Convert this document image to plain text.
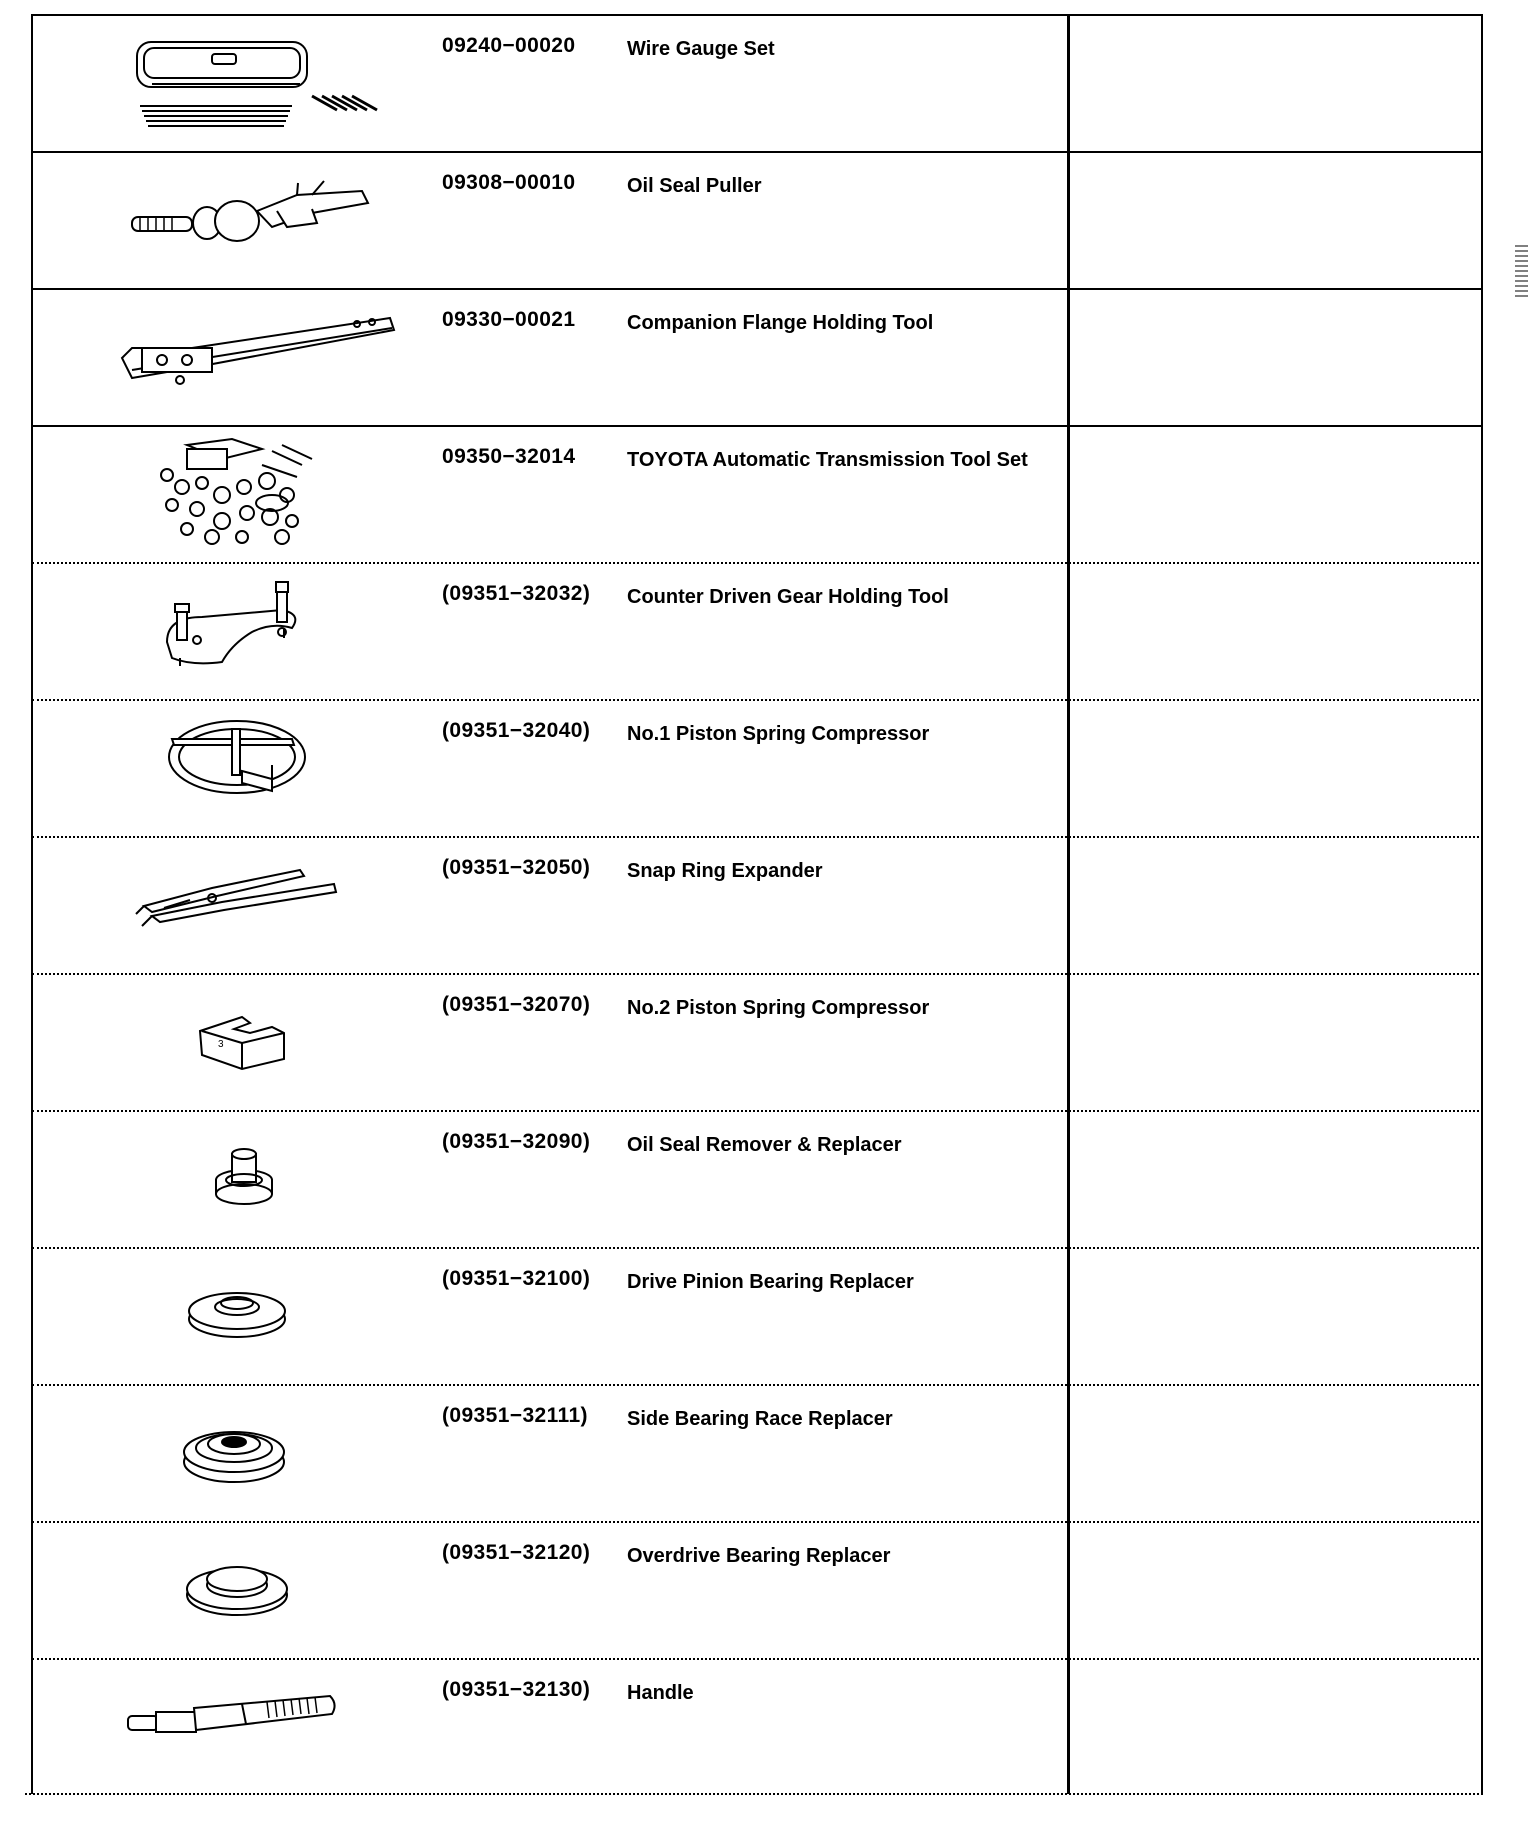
09240−00020	Wire Gauge Set
09308−00010	Oil Seal Puller
09330−00021	Companion Flange Holding Tool
09350−32014	TOYOTA Automatic Transmission Tool Set
(09351−32032)	Counter Driven Gear Holding Tool
(09351−32040)	No.1 Piston Spring Compressor
(09351−32050)	Snap Ring Expander
3
(09351−32070)	No.2 Piston Spring Compressor
(09351−32090)	Oil Seal Remover & Replacer
(09351−32100)	Drive Pinion Bearing Replacer
(09351−32111)	Side Bearing Race Replacer
(09351−32120)	Overdrive Bearing Replacer
(09351−32130)	Handle
